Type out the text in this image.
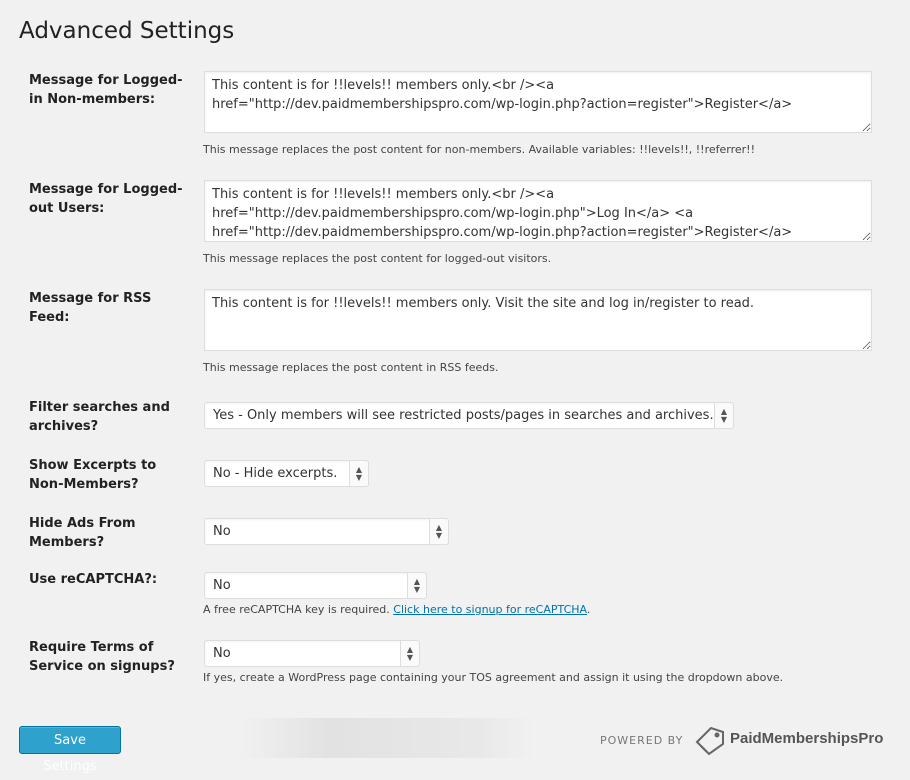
Advanced Settings
Message for Logged-in Non-members:
This content is for !!levels!! members only.<br /><a href="http://dev.paidmembershipspro.com/wp-login.php?action=register">Register</a>
This message replaces the post content for non-members. Available variables: !!levels!!, !!referrer!!
Message for Logged-out Users:
This content is for !!levels!! members only.<br /><a href="http://dev.paidmembershipspro.com/wp-login.php">Log In</a> <a href="http://dev.paidmembershipspro.com/wp-login.php?action=register">Register</a>
This message replaces the post content for logged-out visitors.
Message for RSS Feed:
This content is for !!levels!! members only. Visit the site and log in/register to read.
This message replaces the post content in RSS feeds.
Filter searches and archives?
Yes - Only members will see restricted posts/pages in searches and archives. ▲
▼
Show Excerpts to Non-Members?
No - Hide excerpts.	▲
▼
Hide Ads From Members?
No	▲
▼
Use reCAPTCHA?:	No	▲
▼
A free reCAPTCHA key is required. Click here to signup for reCAPTCHA.
Require Terms of Service on signups?
No	▲
▼
If yes, create a WordPress page containing your TOS agreement and assign it using the dropdown above.
Save Settings
POWERED BY	PaidMembershipsPro
